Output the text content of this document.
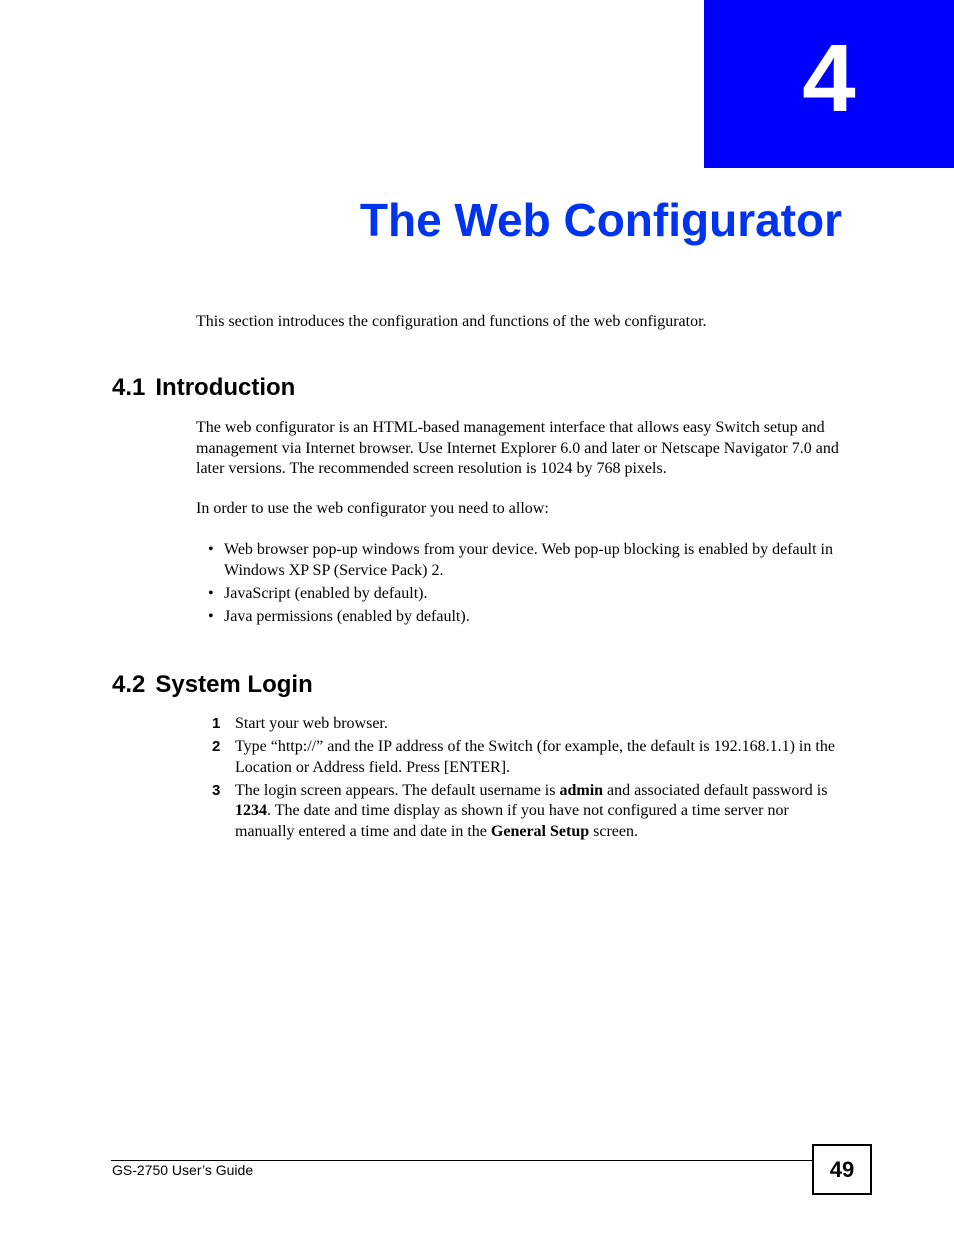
4
The Web Configurator
This section introduces the configuration and functions of the web configurator.
4.1 Introduction
The web configurator is an HTML-based management interface that allows easy Switch setup and management via Internet browser. Use Internet Explorer 6.0 and later or Netscape Navigator 7.0 and later versions. The recommended screen resolution is 1024 by 768 pixels.
In order to use the web configurator you need to allow:
• Web browser pop-up windows from your device. Web pop-up blocking is enabled by default in Windows XP SP (Service Pack) 2.
• JavaScript (enabled by default).
• Java permissions (enabled by default).
4.2 System Login
1 Start your web browser.
2 Type “http://” and the IP address of the Switch (for example, the default is 192.168.1.1) in the Location or Address field. Press [ENTER].
3 The login screen appears. The default username is admin and associated default password is 1234. The date and time display as shown if you have not configured a time server nor manually entered a time and date in the General Setup screen.
GS-2750 User’s Guide	49
